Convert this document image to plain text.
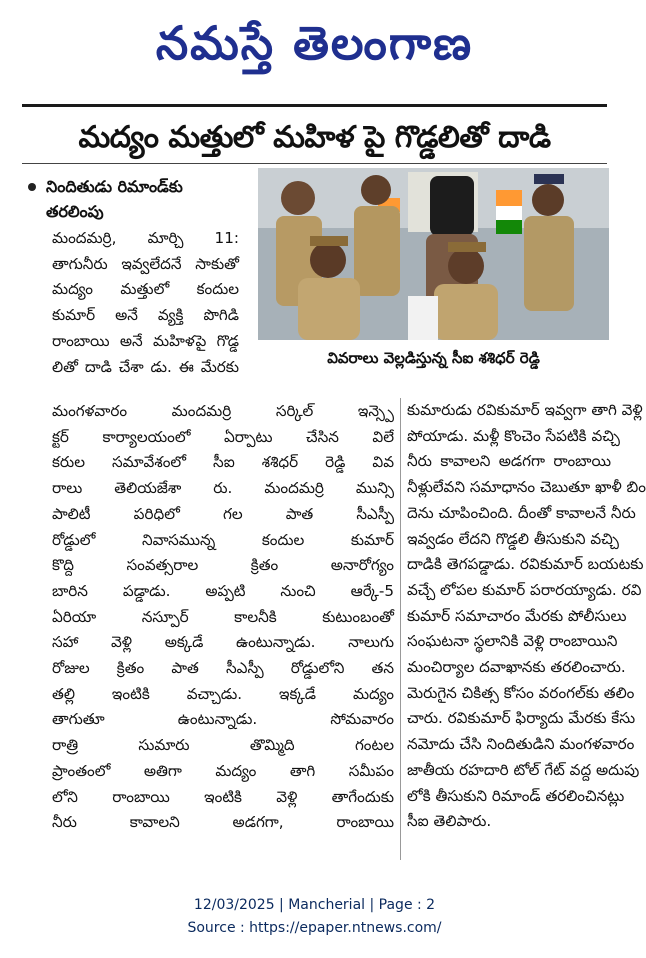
నమస్తే తెలంగాణ
మద్యం మత్తులో మహిళ పై గొడ్డలితో దాడి
నిందితుడు రిమాండ్‌కు
తరలింపు
వివరాలు వెల్లడిస్తున్న సీఐ శశిధర్ రెడ్డి
మందమర్రి, మార్చి 11:
తాగునీరు ఇవ్వలేదనే సాకుతో
మద్యం మత్తులో కందుల
కుమార్ అనే వ్యక్తి పొగిడి
రాంబాయి అనే మహిళపై గొడ్డ
లితో దాడి చేశా డు. ఈ మేరకు
మంగళవారం మందమర్రి సర్కిల్ ఇన్స్పె
క్టర్ కార్యాలయంలో ఏర్పాటు చేసిన విలే
కరుల సమావేశంలో సీఐ శశిధర్ రెడ్డి వివ
రాలు తెలియజేశా రు. మందమర్రి మున్సి
పాలిటీ పరిధిలో గల పాత సీఎస్పీ
రోడ్డులో నివాసమున్న కందుల కుమార్
కొద్ది సంవత్సరాల క్రితం అనారోగ్యం
బారిన పడ్డాడు. అప్పటి నుంచి ఆర్కే-5
ఏరియా నస్పూర్ కాలనీకి కుటుంబంతో
సహా వెళ్లి అక్కడే ఉంటున్నాడు. నాలుగు
రోజుల క్రితం పాత సీఎస్పీ రోడ్డులోని తన
తల్లి ఇంటికి వచ్చాడు. ఇక్కడే మద్యం
తాగుతూ ఉంటున్నాడు. సోమవారం
రాత్రి సుమారు తొమ్మిది గంటల
ప్రాంతంలో అతిగా మద్యం తాగి సమీపం
లోని రాంబాయి ఇంటికి వెళ్లి తాగేందుకు
నీరు కావాలని అడగగా, రాంబాయి
కుమారుడు రవికుమార్ ఇవ్వగా తాగి వెళ్లి
పోయాడు. మళ్లీ కొంచెం సేపటికి వచ్చి
నీరు కావాలని అడగగా రాంబాయి
నీళ్లులేవని సమాధానం చెబుతూ ఖాళీ బిం
దెను చూపించింది. దీంతో కావాలనే నీరు
ఇవ్వడం లేదని గొడ్డలి తీసుకుని వచ్చి
దాడికి తెగపడ్డాడు. రవికుమార్ బయటకు
వచ్చే లోపల కుమార్ పరారయ్యాడు. రవి
కుమార్ సమాచారం మేరకు పోలీసులు
సంఘటనా స్థలానికి వెళ్లి రాంబాయిని
మంచిర్యాల దవాఖానకు తరలించారు.
మెరుగైన చికిత్స కోసం వరంగల్‌కు తలిం
చారు. రవికుమార్ ఫిర్యాదు మేరకు కేసు
నమోదు చేసి నిందితుడిని మంగళవారం
జాతీయ రహదారి టోల్ గేట్ వద్ద అదుపు
లోకి తీసుకుని రిమాండ్ తరలించినట్లు
సీఐ తెలిపారు.
12/03/2025 | Mancherial | Page : 2
Source : https://epaper.ntnews.com/
